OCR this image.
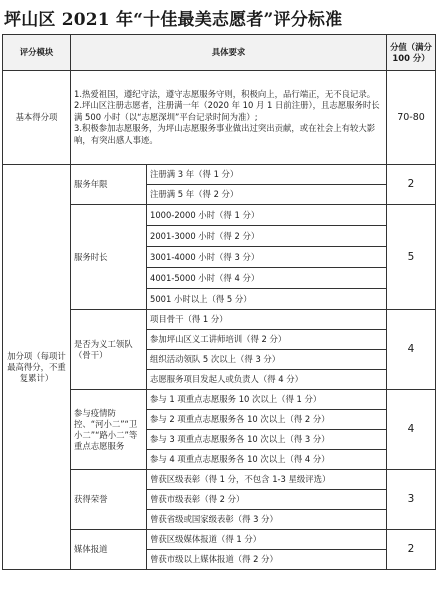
坪山区 2021 年“十佳最美志愿者”评分标准
评分模块	具体要求		分值（满分 100 分）
基本得分项	1.热爱祖国，遵纪守法，遵守志愿服务守则，积极向上，品行端正，无不良记录。
2.坪山区注册志愿者，注册满一年（2020 年 10 月 1 日前注册），且志愿服务时长满 500 小时（以“志愿深圳”平台记录时间为准）;
3.积极参加志愿服务，为坪山志愿服务事业做出过突出贡献，或在社会上有较大影响，有突出感人事迹。		70-80
加分项（每项计最高得分，不重复累计）	服务年限	注册满 3 年（得 1 分）	2
		注册满 5 年（得 2 分）	
	服务时长	1000-2000 小时（得 1 分）	5
		2001-3000 小时（得 2 分）	
		3001-4000 小时（得 3 分）	
		4001-5000 小时（得 4 分）	
		5001 小时以上（得 5 分）	
	是否为义工领队（骨干）	项目骨干（得 1 分）	4
		参加坪山区义工讲师培训（得 2 分）	
		组织活动领队 5 次以上（得 3 分）	
		志愿服务项目发起人或负责人（得 4 分）	
	参与疫情防控、“河小二”“卫小二”“路小二”等重点志愿服务	参与 1 项重点志愿服务 10 次以上（得 1 分）	4
		参与 2 项重点志愿服务各 10 次以上（得 2 分）	
		参与 3 项重点志愿服务各 10 次以上（得 3 分）	
		参与 4 项重点志愿服务各 10 次以上（得 4 分）	
	获得荣誉	曾获区级表彰（得 1 分，不包含 1-3 星级评选）	3
		曾获市级表彰（得 2 分）	
		曾获省级或国家级表彰（得 3 分）	
	媒体报道	曾获区级媒体报道（得 1 分）	2
		曾获市级以上媒体报道（得 2 分）	
